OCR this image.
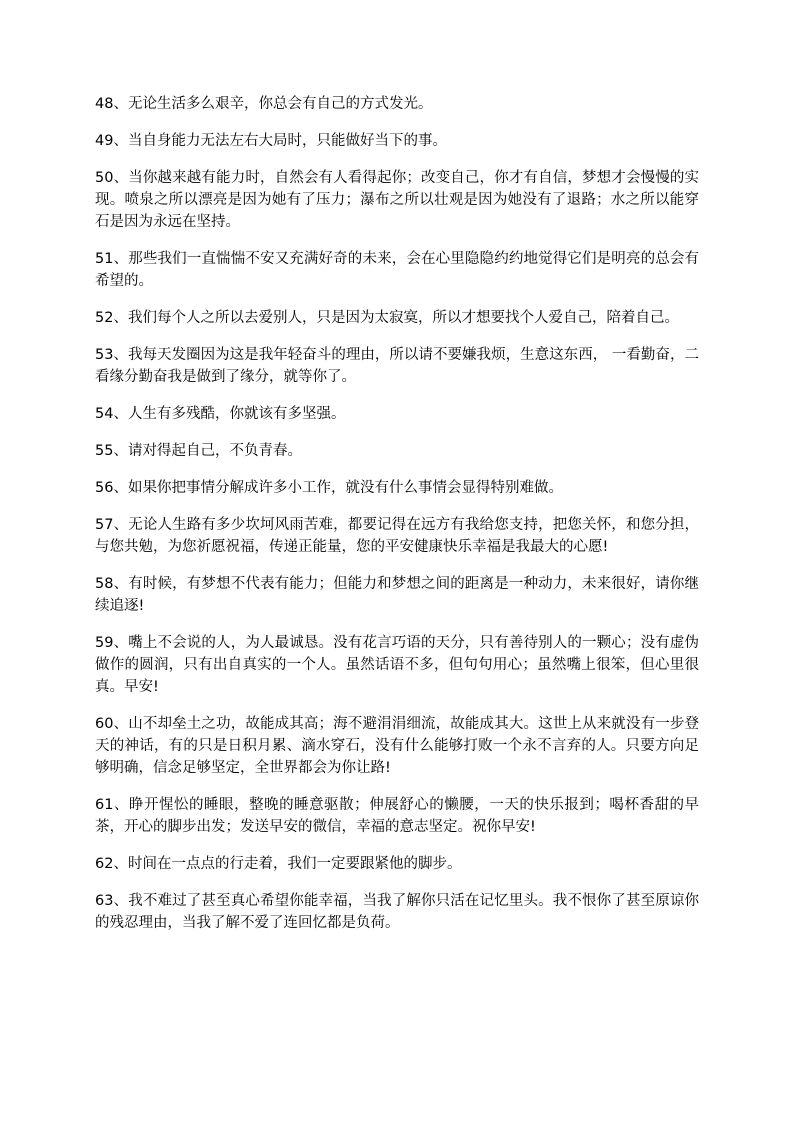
48、无论生活多么艰辛，你总会有自己的方式发光。

49、当自身能力无法左右大局时，只能做好当下的事。

50、当你越来越有能力时，自然会有人看得起你；改变自己，你才有自信，梦想才会慢慢的实现。喷泉之所以漂亮是因为她有了压力；瀑布之所以壮观是因为她没有了退路；水之所以能穿石是因为永远在坚持。

51、那些我们一直惴惴不安又充满好奇的未来，会在心里隐隐约约地觉得它们是明亮的总会有希望的。

52、我们每个人之所以去爱别人，只是因为太寂寞，所以才想要找个人爱自己，陪着自己。

53、我每天发圈因为这是我年轻奋斗的理由，所以请不要嫌我烦，生意这东西， 一看勤奋，二看缘分勤奋我是做到了缘分，就等你了。

54、人生有多残酷，你就该有多坚强。

55、请对得起自己，不负青春。

56、如果你把事情分解成许多小工作，就没有什么事情会显得特别难做。

57、无论人生路有多少坎坷风雨苦难，都要记得在远方有我给您支持，把您关怀，和您分担，与您共勉，为您祈愿祝福，传递正能量，您的平安健康快乐幸福是我最大的心愿!

58、有时候，有梦想不代表有能力；但能力和梦想之间的距离是一种动力，未来很好，请你继续追逐!

59、嘴上不会说的人，为人最诚恳。没有花言巧语的天分，只有善待别人的一颗心；没有虚伪做作的圆润，只有出自真实的一个人。虽然话语不多，但句句用心；虽然嘴上很笨，但心里很真。早安!

60、山不却垒土之功，故能成其高；海不避涓涓细流，故能成其大。这世上从来就没有一步登天的神话，有的只是日积月累、滴水穿石，没有什么能够打败一个永不言弃的人。只要方向足够明确，信念足够坚定，全世界都会为你让路!

61、睁开惺忪的睡眼，整晚的睡意驱散；伸展舒心的懒腰，一天的快乐报到；喝杯香甜的早茶，开心的脚步出发；发送早安的微信，幸福的意志坚定。祝你早安!

62、时间在一点点的行走着，我们一定要跟紧他的脚步。

63、我不难过了甚至真心希望你能幸福，当我了解你只活在记忆里头。我不恨你了甚至原谅你的残忍理由，当我了解不爱了连回忆都是负荷。
